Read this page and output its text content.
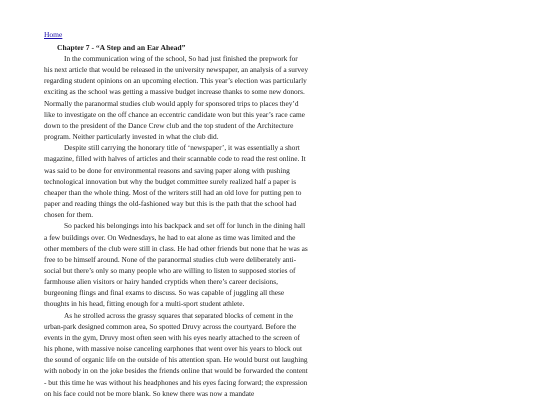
Home
Chapter 7 - “A Step and an Ear Ahead”

In the communication wing of the school, So had just finished the prepwork for his next article that would be released in the university newspaper, an analysis of a survey regarding student opinions on an upcoming election. This year’s election was particularly exciting as the school was getting a massive budget increase thanks to some new donors. Normally the paranormal studies club would apply for sponsored trips to places they’d like to investigate on the off chance an eccentric candidate won but this year’s race came down to the president of the Dance Crew club and the top student of the Architecture program. Neither particularly invested in what the club did.

Despite still carrying the honorary title of ‘newspaper’, it was essentially a short magazine, filled with halves of articles and their scannable code to read the rest online. It was said to be done for environmental reasons and saving paper along with pushing technological innovation but why the budget committee surely realized half a paper is cheaper than the whole thing. Most of the writers still had an old love for putting pen to paper and reading things the old-fashioned way but this is the path that the school had chosen for them.

So packed his belongings into his backpack and set off for lunch in the dining hall a few buildings over. On Wednesdays, he had to eat alone as time was limited and the other members of the club were still in class. He had other friends but none that he was as free to be himself around. None of the paranormal studies club were deliberately anti-social but there’s only so many people who are willing to listen to supposed stories of farmhouse alien visitors or hairy handed cryptids when there’s career decisions, burgeoning flings and final exams to discuss. So was capable of juggling all these thoughts in his head, fitting enough for a multi-sport student athlete.

As he strolled across the grassy squares that separated blocks of cement in the urban-park designed common area, So spotted Druvy across the courtyard. Before the events in the gym, Druvy most often seen with his eyes nearly attached to the screen of his phone, with massive noise canceling earphones that went over his years to block out the sound of organic life on the outside of his attention span. He would burst out laughing with nobody in on the joke besides the friends online that would be forwarded the content - but this time he was without his headphones and his eyes facing forward; the expression on his face could not be more blank. So knew there was now a mandate
